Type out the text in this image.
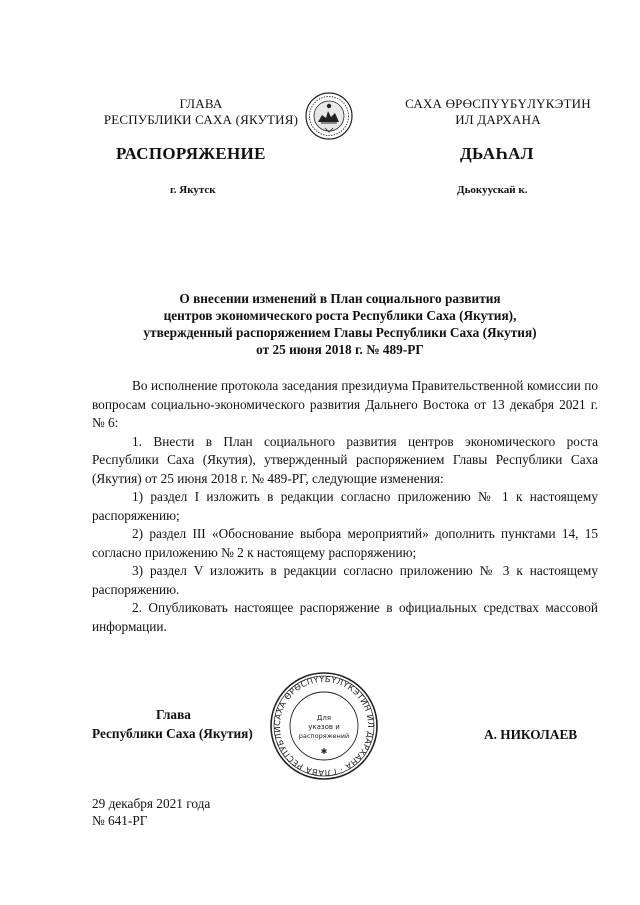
ГЛАВА
РЕСПУБЛИКИ САХА (ЯКУТИЯ)
САХА ӨРӨСПҮҮБҮЛҮКЭТИН
ИЛ ДАРХАНА
РАСПОРЯЖЕНИЕ	ДЬАҺАЛ
г. Якутск	Дьокуускай к.
О внесении изменений в План социального развития
центров экономического роста Республики Саха (Якутия),
утвержденный распоряжением Главы Республики Саха (Якутия)
от 25 июня 2018 г. № 489-РГ

Во исполнение протокола заседания президиума Правительственной комиссии по вопросам социально-экономического развития Дальнего Востока от 13 декабря 2021 г. № 6:

1. Внести в План социального развития центров экономического роста Республики Саха (Якутия), утвержденный распоряжением Главы Республики Саха (Якутия) от 25 июня 2018 г. № 489-РГ, следующие изменения:

1) раздел I изложить в редакции согласно приложению № 1 к настоящему распоряжению;

2) раздел III «Обоснование выбора мероприятий» дополнить пунктами 14, 15 согласно приложению № 2 к настоящему распоряжению;

3) раздел V изложить в редакции согласно приложению № 3 к настоящему распоряжению.

2. Опубликовать настоящее распоряжение в официальных средствах массовой информации.

Глава
Республики Саха (Якутия)	А. НИКОЛАЕВ
САХА ӨРӨСПҮҮБҮЛҮКЭТИН ИЛ ДАРХАНА · ГЛАВА РЕСПУБЛИ
Для
указов и
распоряжений
✱
29 декабря 2021 года
№ 641-РГ
